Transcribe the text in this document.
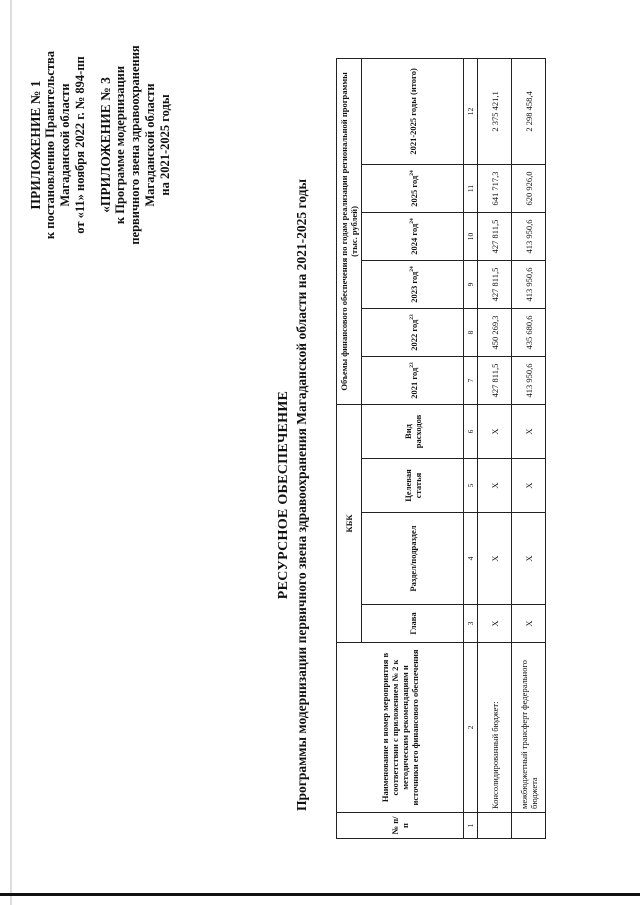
ПРИЛОЖЕНИЕ № 1 к постановлению Правительства Магаданской области от «11» ноября 2022 г. № 894-пп «ПРИЛОЖЕНИЕ № 3 к Программе модернизации первичного звена здравоохранения Магаданской области на 2021-2025 годы
РЕСУРСНОЕ ОБЕСПЕЧЕНИЕ Программы модернизации первичного звена здравоохранения Магаданской области на 2021-2025 годы
№ п/п	Наименование и номер мероприятия в соответствии с приложением № 2 к методическим рекомендациям и источники его финансового обеспечения	КБК				Объемы финансового обеспечения по годам реализации региональной программы (тыс. рублей)					
		Глава	Раздел/подраздел	Целевая статья	Вид расходов	2021 год$^{23}$	2022 год$^{23}$	2023 год$^{24}$	2024 год$^{24}$	2025 год$^{24}$	2021-2025 годы (итого)
1	2	3	4	5	6	7	8	9	10	11	12
	Консолидированный бюджет:	Х	Х	Х	Х	427 811,5	450 269,3	427 811,5	427 811,5	641 717,3	2 375 421,1
	межбюджетный трансферт федерального бюджета	Х	Х	Х	Х	413 950,6	435 680,6	413 950,6	413 950,6	620 926,0	2 298 458,4
